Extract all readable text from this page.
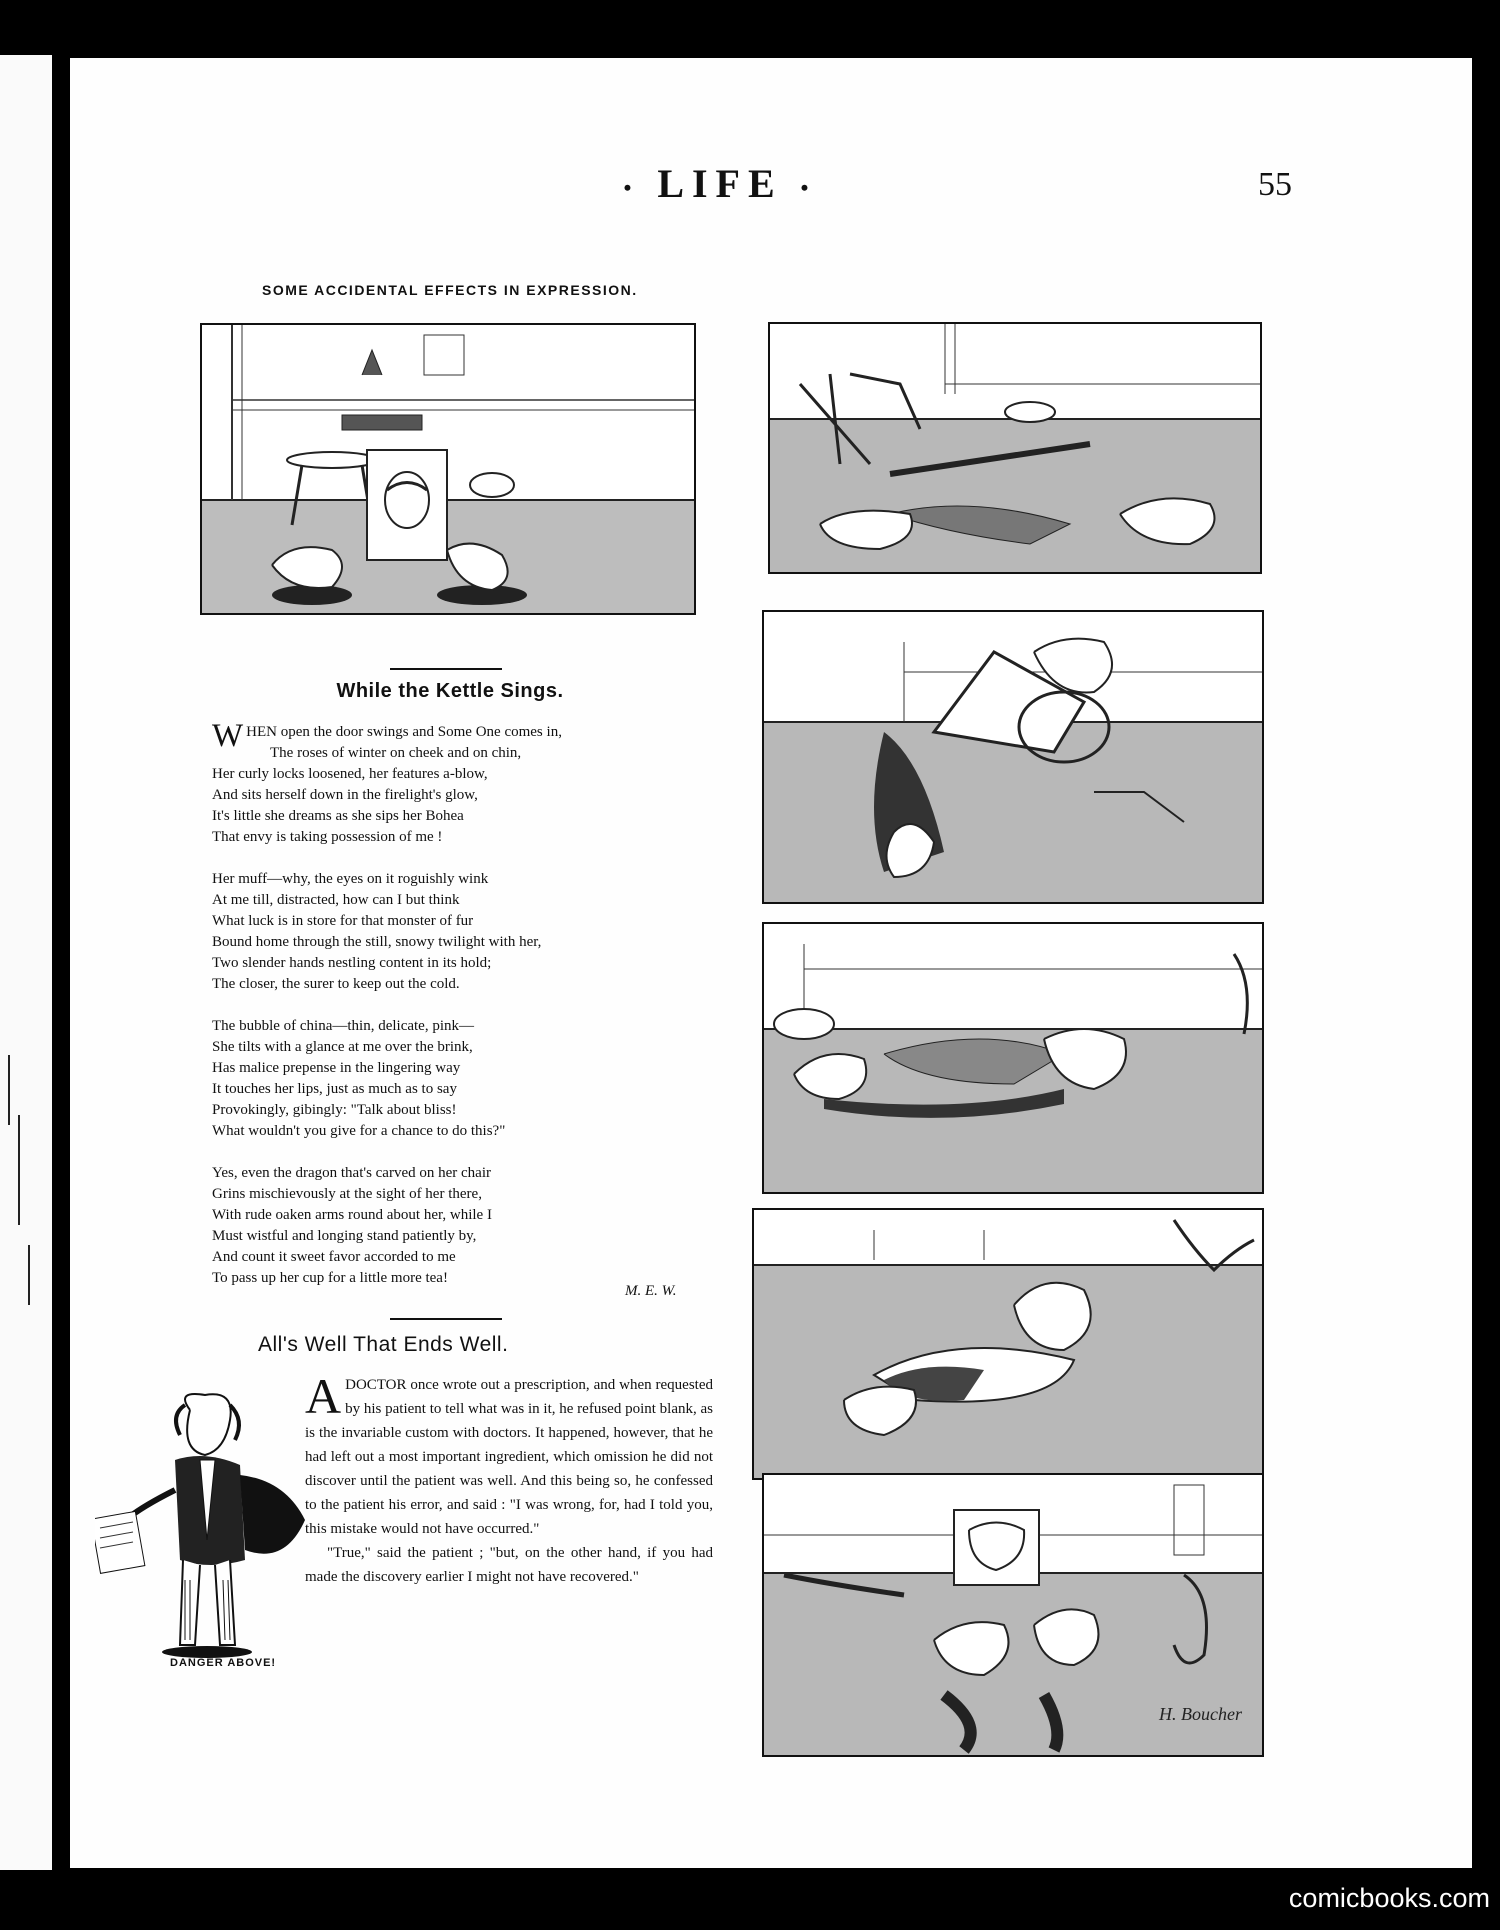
• LIFE •	55
SOME ACCIDENTAL EFFECTS IN EXPRESSION.
H. Boucher
While the Kettle Sings.
W HEN open the door swings and Some One comes in,
The roses of winter on cheek and on chin,
Her curly locks loosened, her features a-blow,
And sits herself down in the firelight's glow,
It's little she dreams as she sips her Bohea
That envy is taking possession of me !
Her muff—why, the eyes on it roguishly wink
At me till, distracted, how can I but think
What luck is in store for that monster of fur
Bound home through the still, snowy twilight with her,
Two slender hands nestling content in its hold;
The closer, the surer to keep out the cold.
The bubble of china—thin, delicate, pink—
She tilts with a glance at me over the brink,
Has malice prepense in the lingering way
It touches her lips, just as much as to say
Provokingly, gibingly: "Talk about bliss!
What wouldn't you give for a chance to do this?"
Yes, even the dragon that's carved on her chair
Grins mischievously at the sight of her there,
With rude oaken arms round about her, while I
Must wistful and longing stand patiently by,
And count it sweet favor accorded to me
To pass up her cup for a little more tea!
M. E. W.
All's Well That Ends Well.
DANGER ABOVE!
ADOCTOR once wrote out a prescription, and when requested by his patient to tell what was in it, he refused point blank, as is the invariable custom with doctors. It happened, however, that he had left out a most important ingredient, which omission he did not discover until the patient was well. And this being so, he confessed to the patient his error, and said : "I was wrong, for, had I told you, this mistake would not have occurred."
"True," said the patient ; "but, on the other hand, if you had made the discovery earlier I might not have recovered."
comicbooks.com
